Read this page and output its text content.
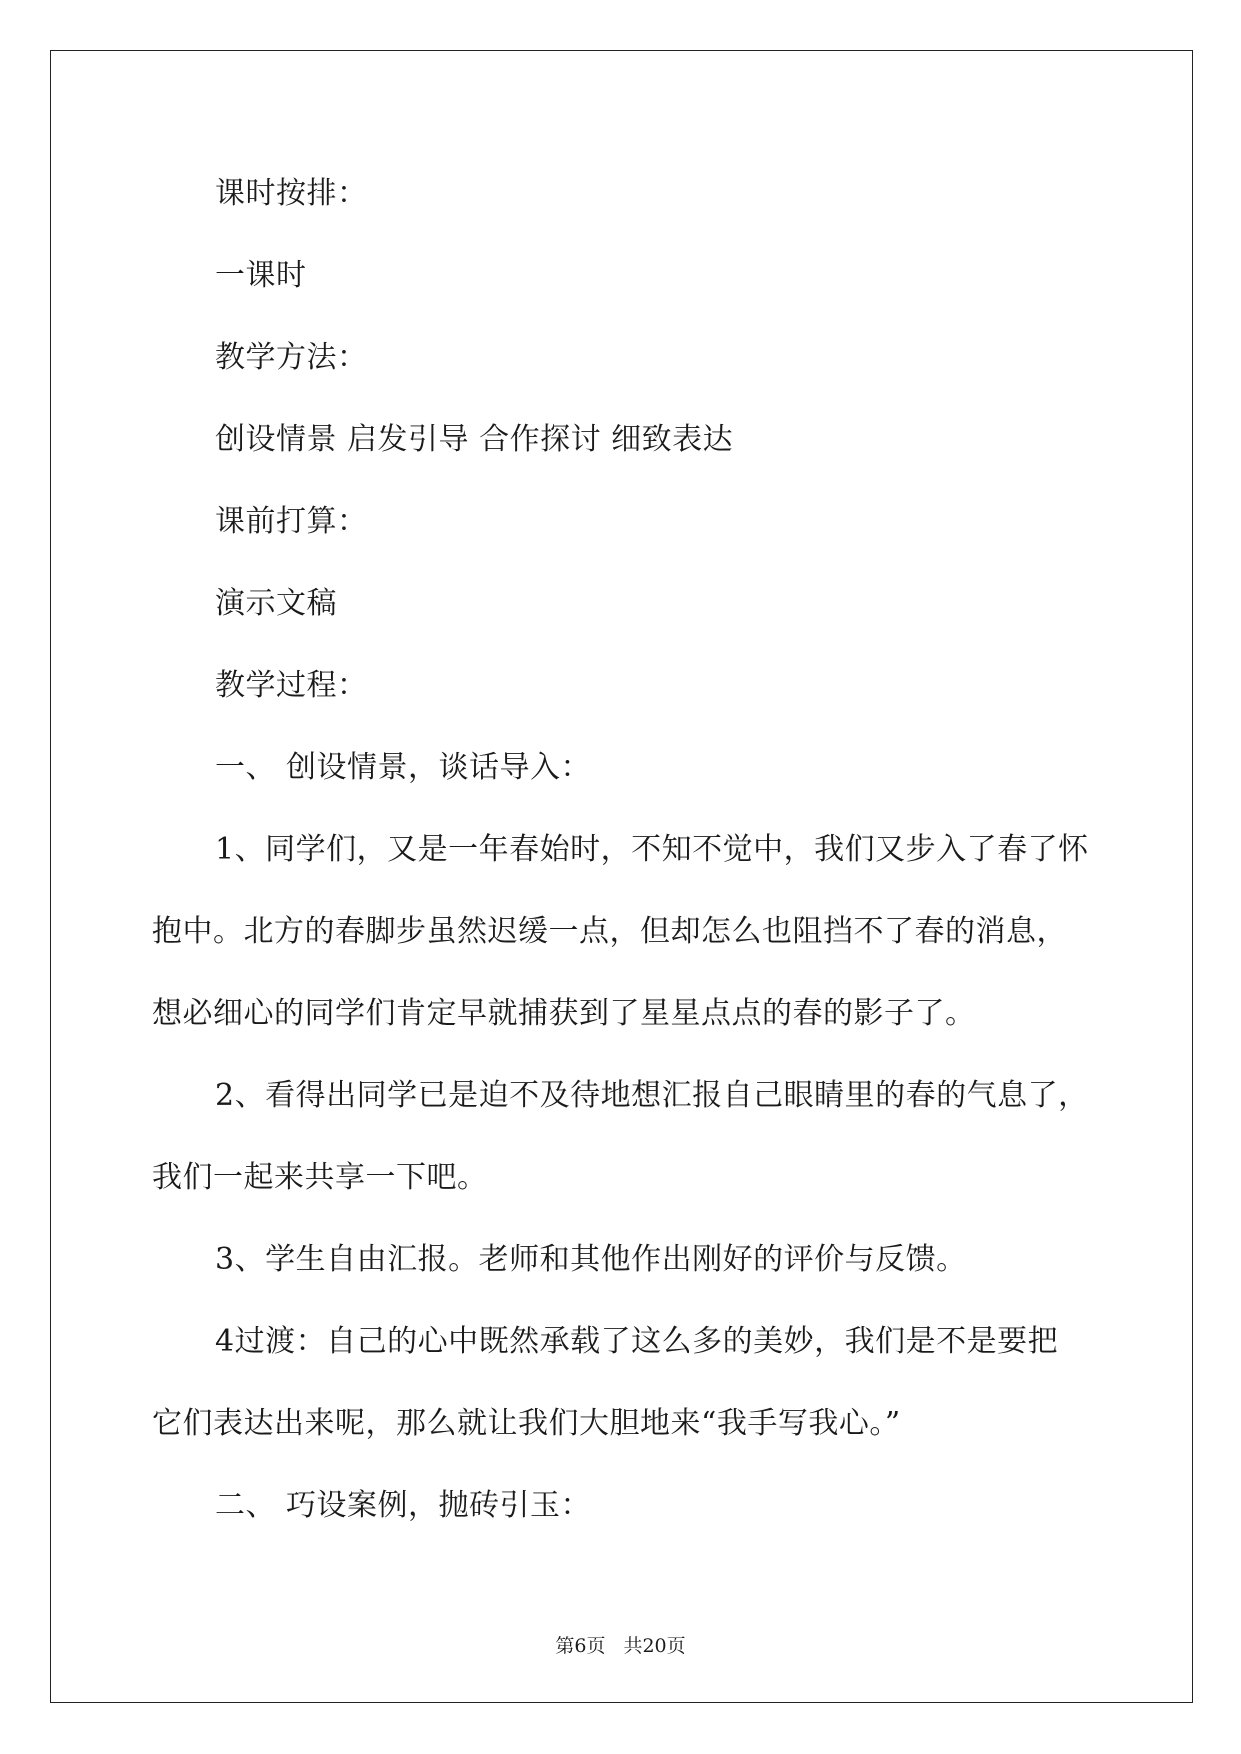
课时按排：
一课时
教学方法：
创设情景 启发引导 合作探讨 细致表达
课前打算：
演示文稿
教学过程：
一、 创设情景，谈话导入：
1、同学们，又是一年春始时，不知不觉中，我们又步入了春了怀
抱中。北方的春脚步虽然迟缓一点，但却怎么也阻挡不了春的消息，
想必细心的同学们肯定早就捕获到了星星点点的春的影子了。
2、看得出同学已是迫不及待地想汇报自己眼睛里的春的气息了，
我们一起来共享一下吧。
3、学生自由汇报。老师和其他作出刚好的评价与反馈。
4过渡：自己的心中既然承载了这么多的美妙，我们是不是要把
它们表达出来呢，那么就让我们大胆地来“我手写我心。”
二、 巧设案例，抛砖引玉：
第6页 共20页
